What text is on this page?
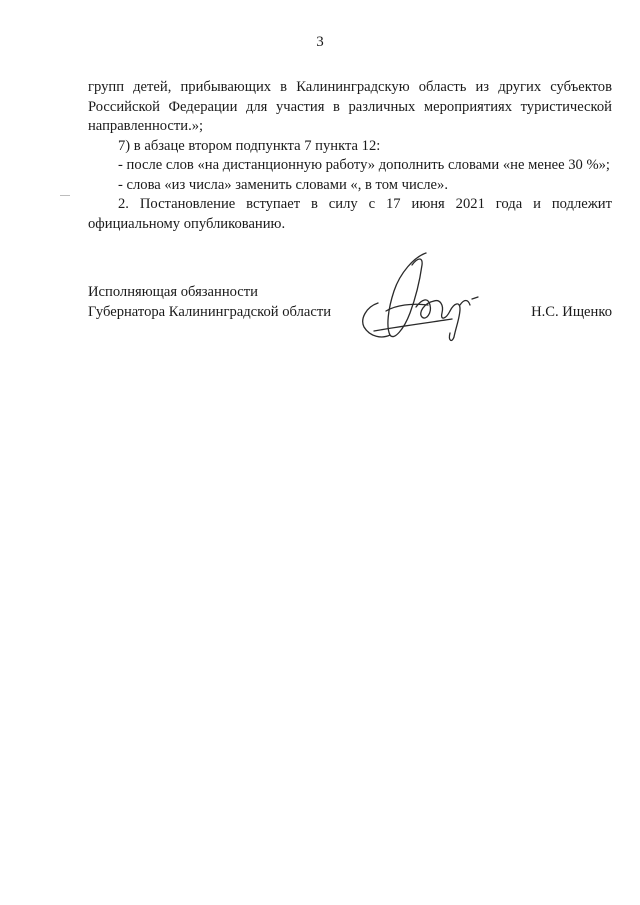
3

групп детей, прибывающих в Калининградскую область из других субъектов Российской Федерации для участия в различных мероприятиях туристической направленности.»;

7) в абзаце втором подпункта 7 пункта 12:

- после слов «на дистанционную работу» дополнить словами «не менее 30 %»;

- слова «из числа» заменить словами «, в том числе».

2. Постановление вступает в силу с 17 июня 2021 года и подлежит официальному опубликованию.

Исполняющая обязанности
Губернатора Калининградской области	Н.С. Ищенко
